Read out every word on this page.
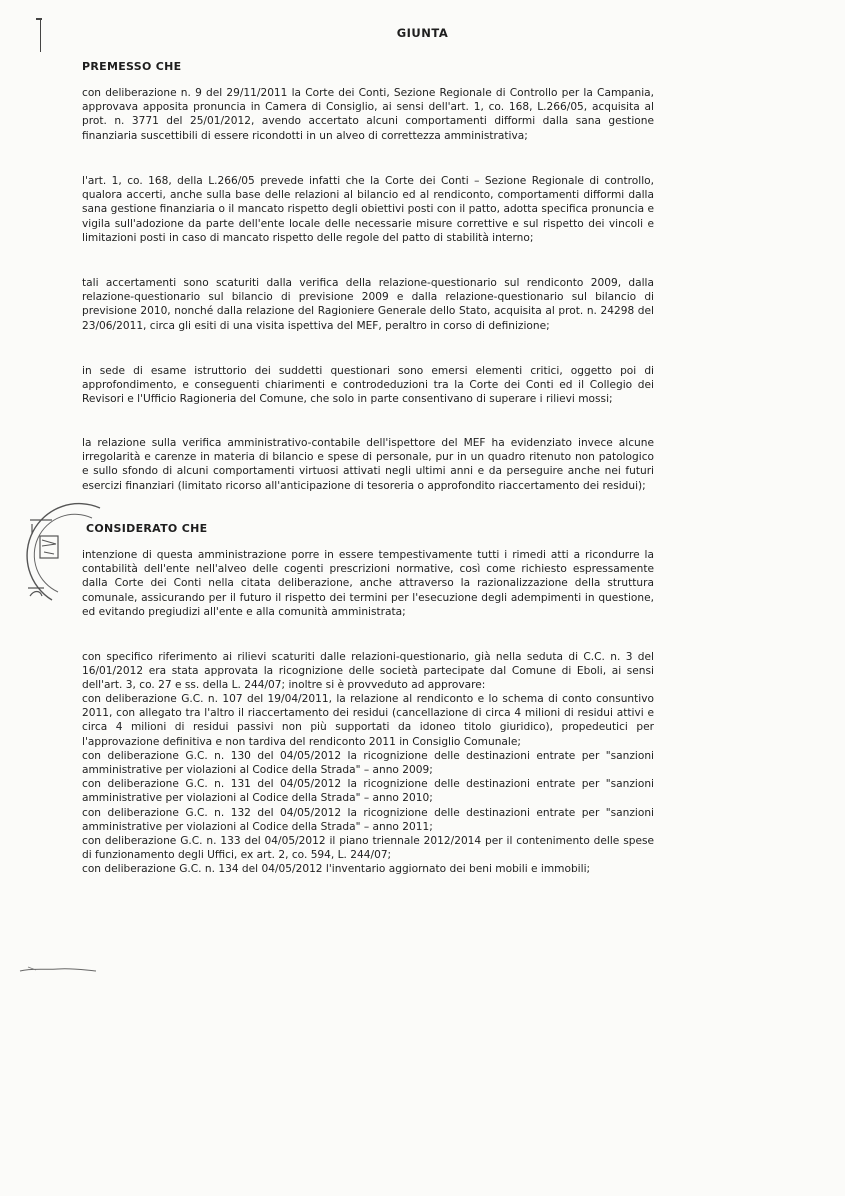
GIUNTA
PREMESSO CHE

con deliberazione n. 9 del 29/11/2011 la Corte dei Conti, Sezione Regionale di Controllo per la Campania, approvava apposita pronuncia in Camera di Consiglio, ai sensi dell'art. 1, co. 168, L.266/05, acquisita al prot. n. 3771 del 25/01/2012, avendo accertato alcuni comportamenti difformi dalla sana gestione finanziaria suscettibili di essere ricondotti in un alveo di correttezza amministrativa;

l'art. 1, co. 168, della L.266/05 prevede infatti che la Corte dei Conti – Sezione Regionale di controllo, qualora accerti, anche sulla base delle relazioni al bilancio ed al rendiconto, comportamenti difformi dalla sana gestione finanziaria o il mancato rispetto degli obiettivi posti con il patto, adotta specifica pronuncia e vigila sull'adozione da parte dell'ente locale delle necessarie misure correttive e sul rispetto dei vincoli e limitazioni posti in caso di mancato rispetto delle regole del patto di stabilità interno;

tali accertamenti sono scaturiti dalla verifica della relazione-questionario sul rendiconto 2009, dalla relazione-questionario sul bilancio di previsione 2009 e dalla relazione-questionario sul bilancio di previsione 2010, nonché dalla relazione del Ragioniere Generale dello Stato, acquisita al prot. n. 24298 del 23/06/2011, circa gli esiti di una visita ispettiva del MEF, peraltro in corso di definizione;

in sede di esame istruttorio dei suddetti questionari sono emersi elementi critici, oggetto poi di approfondimento, e conseguenti chiarimenti e controdeduzioni tra la Corte dei Conti ed il Collegio dei Revisori e l'Ufficio Ragioneria del Comune, che solo in parte consentivano di superare i rilievi mossi;

la relazione sulla verifica amministrativo-contabile dell'ispettore del MEF ha evidenziato invece alcune irregolarità e carenze in materia di bilancio e spese di personale, pur in un quadro ritenuto non patologico e sullo sfondo di alcuni comportamenti virtuosi attivati negli ultimi anni e da perseguire anche nei futuri esercizi finanziari (limitato ricorso all'anticipazione di tesoreria o approfondito riaccertamento dei residui);

CONSIDERATO CHE

intenzione di questa amministrazione porre in essere tempestivamente tutti i rimedi atti a ricondurre la contabilità dell'ente nell'alveo delle cogenti prescrizioni normative, così come richiesto espressamente dalla Corte dei Conti nella citata deliberazione, anche attraverso la razionalizzazione della struttura comunale, assicurando per il futuro il rispetto dei termini per l'esecuzione degli adempimenti in questione, ed evitando pregiudizi all'ente e alla comunità amministrata;

con specifico riferimento ai rilievi scaturiti dalle relazioni-questionario, già nella seduta di C.C. n. 3 del 16/01/2012 era stata approvata la ricognizione delle società partecipate dal Comune di Eboli, ai sensi dell'art. 3, co. 27 e ss. della L. 244/07; inoltre si è provveduto ad approvare:

con deliberazione G.C. n. 107 del 19/04/2011, la relazione al rendiconto e lo schema di conto consuntivo 2011, con allegato tra l'altro il riaccertamento dei residui (cancellazione di circa 4 milioni di residui attivi e circa 4 milioni di residui passivi non più supportati da idoneo titolo giuridico), propedeutici per l'approvazione definitiva e non tardiva del rendiconto 2011 in Consiglio Comunale;
con deliberazione G.C. n. 130 del 04/05/2012 la ricognizione delle destinazioni entrate per "sanzioni amministrative per violazioni al Codice della Strada" – anno 2009;
con deliberazione G.C. n. 131 del 04/05/2012 la ricognizione delle destinazioni entrate per "sanzioni amministrative per violazioni al Codice della Strada" – anno 2010;
con deliberazione G.C. n. 132 del 04/05/2012 la ricognizione delle destinazioni entrate per "sanzioni amministrative per violazioni al Codice della Strada" – anno 2011;
con deliberazione G.C. n. 133 del 04/05/2012 il piano triennale 2012/2014 per il contenimento delle spese di funzionamento degli Uffici, ex art. 2, co. 594, L. 244/07;
con deliberazione G.C. n. 134 del 04/05/2012 l'inventario aggiornato dei beni mobili e immobili;
